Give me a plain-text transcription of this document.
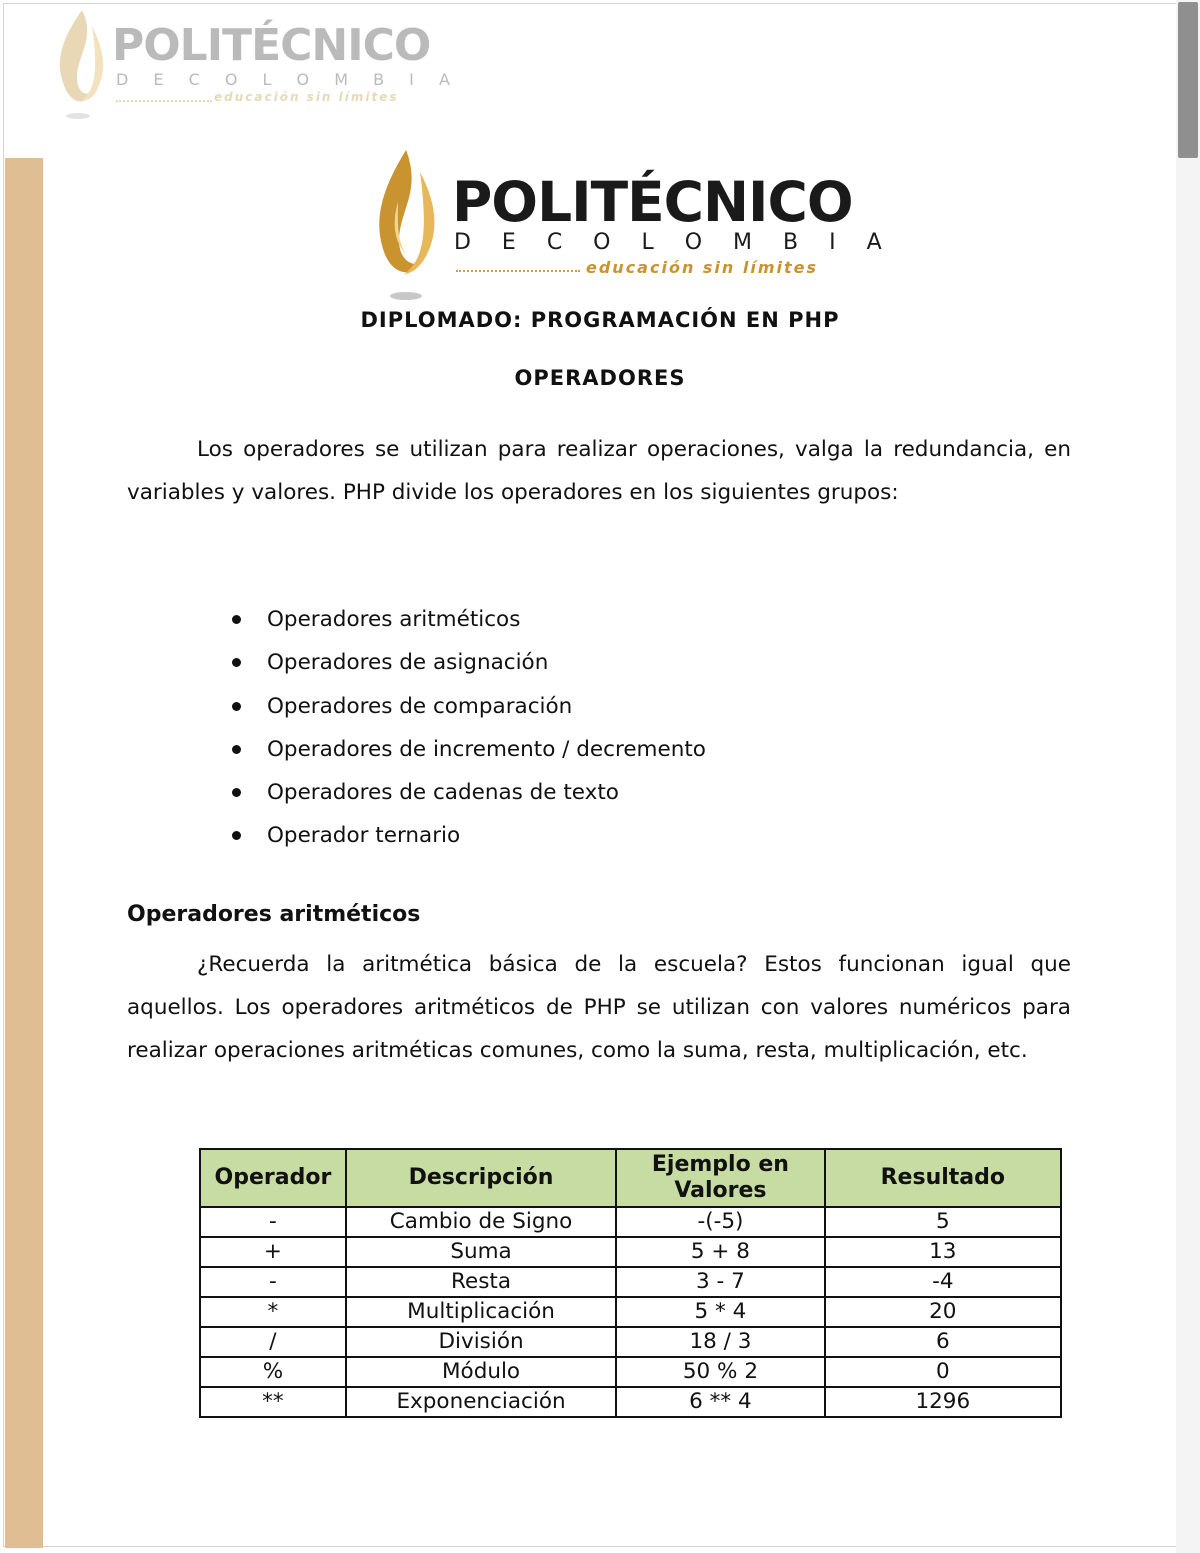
POLITÉCNICO
D E C O L O M B I A
educación sin límites
POLITÉCNICO
D E C O L O M B I A
educación sin límites
DIPLOMADO: PROGRAMACIÓN EN PHP
OPERADORES

Los operadores se utilizan para realizar operaciones, valga la redundancia, en variables y valores. PHP divide los operadores en los siguientes grupos:

Operadores aritméticos
Operadores de asignación
Operadores de comparación
Operadores de incremento / decremento
Operadores de cadenas de texto
Operador ternario
Operadores aritméticos

¿Recuerda la aritmética básica de la escuela? Estos funcionan igual que aquellos. Los operadores aritméticos de PHP se utilizan con valores numéricos para realizar operaciones aritméticas comunes, como la suma, resta, multiplicación, etc.

Operador	Descripción	Ejemplo en Valores	Resultado
-	Cambio de Signo	-(-5)	5
+	Suma	5 + 8	13
-	Resta	3 - 7	-4
*	Multiplicación	5 * 4	20
/	División	18 / 3	6
%	Módulo	50 % 2	0
**	Exponenciación	6 ** 4	1296
